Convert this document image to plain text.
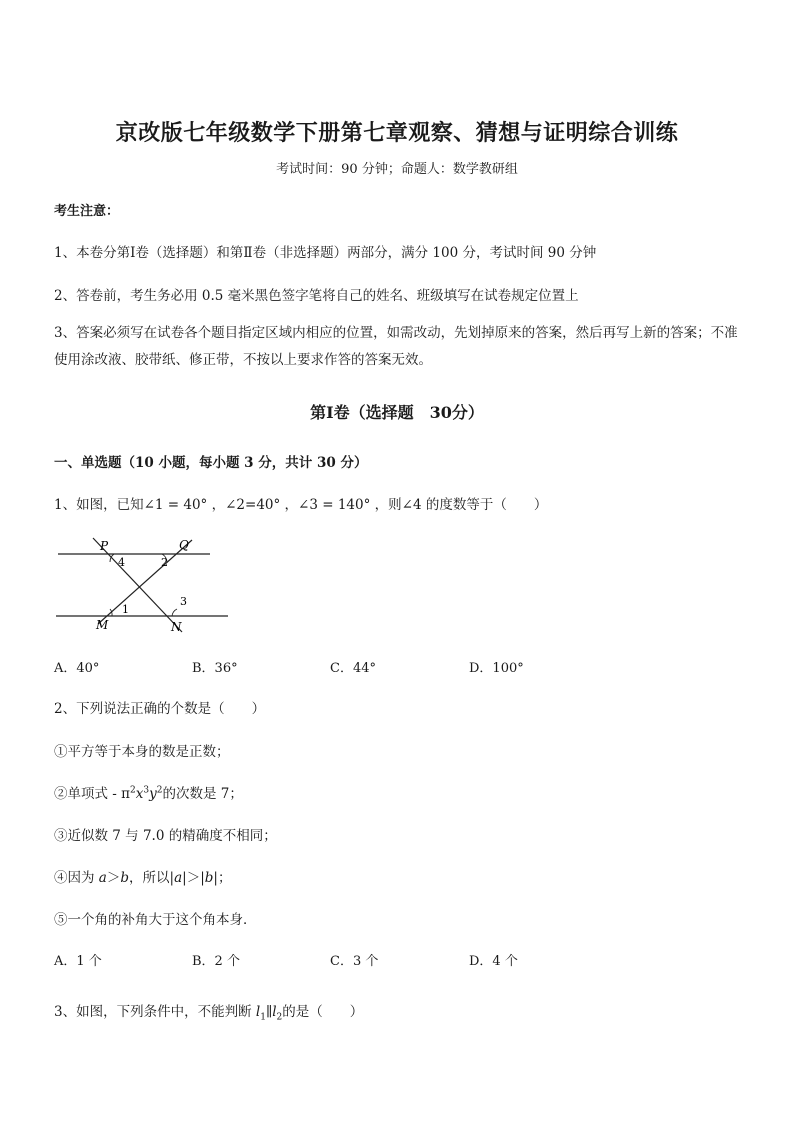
京改版七年级数学下册第七章观察、猜想与证明综合训练
考试时间：90 分钟；命题人：数学教研组
考生注意：
1、本卷分第Ⅰ卷（选择题）和第Ⅱ卷（非选择题）两部分，满分 100 分，考试时间 90 分钟
2、答卷前，考生务必用 0.5 毫米黑色签字笔将自己的姓名、班级填写在试卷规定位置上
3、答案必须写在试卷各个题目指定区域内相应的位置，如需改动，先划掉原来的答案，然后再写上新的答案；不准使用涂改液、胶带纸、修正带，不按以上要求作答的答案无效。
第Ⅰ卷（选择题　30分）
一、单选题（10 小题，每小题 3 分，共计 30 分）
1、如图，已知∠1 = 40° ，∠2=40° ，∠3 = 140° ，则∠4 的度数等于（　　）
P	Q
M	N
4	2
1
3
A．40°	B．36°	C．44°	D．100°
2、下列说法正确的个数是（　　）
①平方等于本身的数是正数；
②单项式 - $\pi^2x^3y^2$的次数是 7；
③近似数 7 与 7.0 的精确度不相同；
④因为 a＞b，所以|a|＞|b|；
⑤一个角的补角大于这个角本身．
A．1 个	B．2 个	C．3 个	D．4 个
3、如图，下列条件中，不能判断 $l_1\parallel l_2$的是（　　）
